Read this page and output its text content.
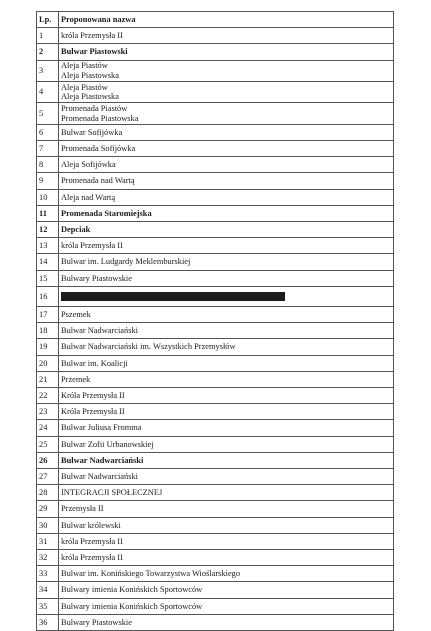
Lp.	Proponowana nazwa
1	króla Przemysła II

2	Bulwar Piastowski

3	Aleja Piastów
Aleja Piastowska

4	Aleja Piastów
Aleja Piastowska

5	Promenada Piastów
Promenada Piastowska

6	Bulwar Sofijówka

7	Promenada Sofijówka

8	Aleja Sofijówka

9	Promenada nad Wartą

10	Aleja nad Wartą

11	Promenada Staromiejska

12	Depciak

13	króla Przemysła II

14	Bulwar im. Ludgardy Meklemburskiej

15	Bulwary Piastowskie

16	

17	Pszemek

18	Bulwar Nadwarciański

19	Bulwar Nadwarciański im. Wszystkich Przemysłów

20	Bulwar im. Koalicji

21	Przemek

22	Króla Przemysła II

23	Króla Przemysła II

24	Bulwar Juliusa Fromma

25	Bulwar Zofii Urbanowskiej

26	Bulwar Nadwarciański

27	Bulwar Nadwarciański

28	INTEGRACJI SPOŁECZNEJ

29	Przemysła II

30	Bulwar królewski

31	króla Przemysła II

32	króla Przemysła II

33	Bulwar im. Konińskiego Towarzystwa Wioślarskiego

34	Bulwary imienia Konińskich Sportowców

35	Bulwary imienia Konińskich Sportowców

36	Bulwary Piastowskie
